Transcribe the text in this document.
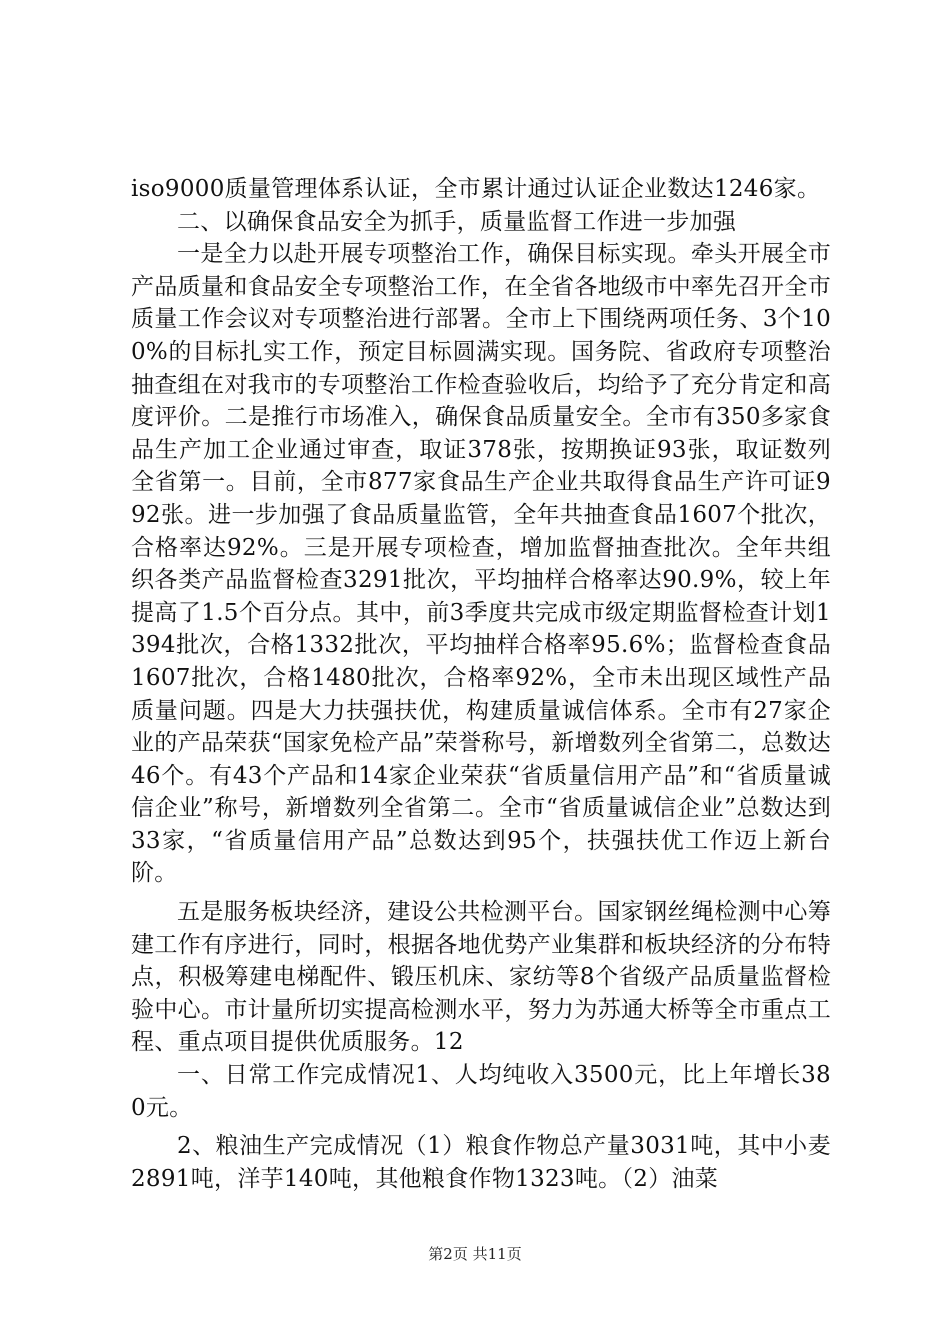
iso9000质量管理体系认证，全市累计通过认证企业数达1246家。

二、以确保食品安全为抓手，质量监督工作进一步加强

一是全力以赴开展专项整治工作，确保目标实现。牵头开展全市产品质量和食品安全专项整治工作，在全省各地级市中率先召开全市质量工作会议对专项整治进行部署。全市上下围绕两项任务、3个100%的目标扎实工作，预定目标圆满实现。国务院、省政府专项整治抽查组在对我市的专项整治工作检查验收后，均给予了充分肯定和高度评价。二是推行市场准入，确保食品质量安全。全市有350多家食品生产加工企业通过审查，取证378张，按期换证93张，取证数列全省第一。目前，全市877家食品生产企业共取得食品生产许可证992张。进一步加强了食品质量监管，全年共抽查食品1607个批次，合格率达92%。三是开展专项检查，增加监督抽查批次。全年共组织各类产品监督检查3291批次，平均抽样合格率达90.9%，较上年提高了1.5个百分点。其中，前3季度共完成市级定期监督检查计划1394批次，合格1332批次，平均抽样合格率95.6%；监督检查食品1607批次，合格1480批次，合格率92%，全市未出现区域性产品质量问题。四是大力扶强扶优，构建质量诚信体系。全市有27家企业的产品荣获“国家免检产品”荣誉称号，新增数列全省第二，总数达46个。有43个产品和14家企业荣获“省质量信用产品”和“省质量诚信企业”称号，新增数列全省第二。全市“省质量诚信企业”总数达到33家，“省质量信用产品”总数达到95个，扶强扶优工作迈上新台阶。

五是服务板块经济，建设公共检测平台。国家钢丝绳检测中心筹建工作有序进行，同时，根据各地优势产业集群和板块经济的分布特点，积极筹建电梯配件、锻压机床、家纺等8个省级产品质量监督检验中心。市计量所切实提高检测水平，努力为苏通大桥等全市重点工程、重点项目提供优质服务。12

一、日常工作完成情况1、人均纯收入3500元，比上年增长380元。

2、粮油生产完成情况（1）粮食作物总产量3031吨，其中小麦2891吨，洋芋140吨，其他粮食作物1323吨。（2）油菜

第2页 共11页
